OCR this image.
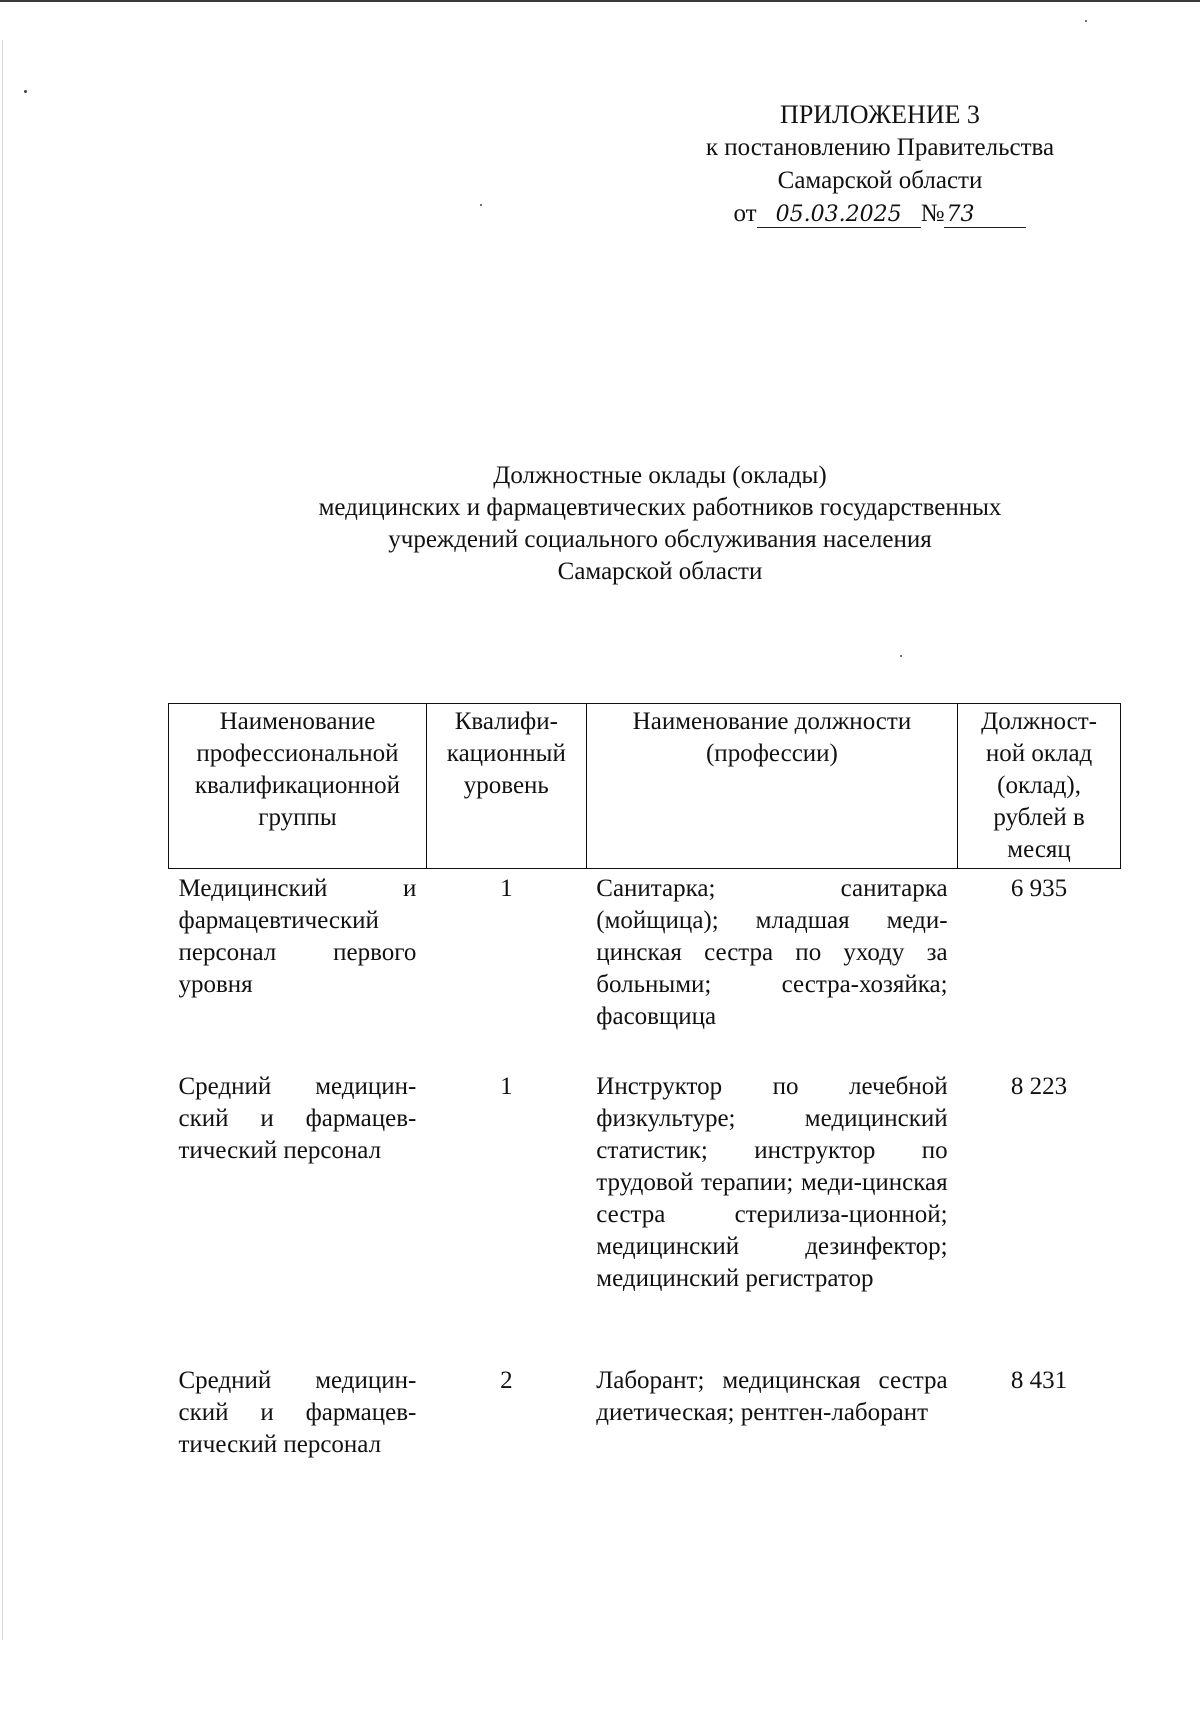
ПРИЛОЖЕНИЕ 3
к постановлению Правительства
Самарской области
от 05.03.2025 №73
Должностные оклады (оклады)
медицинских и фармацевтических работников государственных
учреждений социального обслуживания населения
Самарской области
Наименование профессиональной квалификационной группы	Квалифи-кационный уровень	Наименование должности (профессии)	Должност-ной оклад (оклад), рублей в месяц
Медицинский и фармацевтический персонал первого уровня	1	Санитарка; санитарка (мойщица); младшая меди-цинская сестра по уходу за больными; сестра-хозяйка; фасовщица	6 935
Средний медицин-ский и фармацев-тический персонал	1	Инструктор по лечебной физкультуре; медицинский статистик; инструктор по трудовой терапии; меди-цинская сестра стерилиза-ционной; медицинский дезинфектор; медицинский регистратор	8 223
Средний медицин-ский и фармацев-тический персонал	2	Лаборант; медицинская сестра диетическая; рентген-лаборант	8 431
